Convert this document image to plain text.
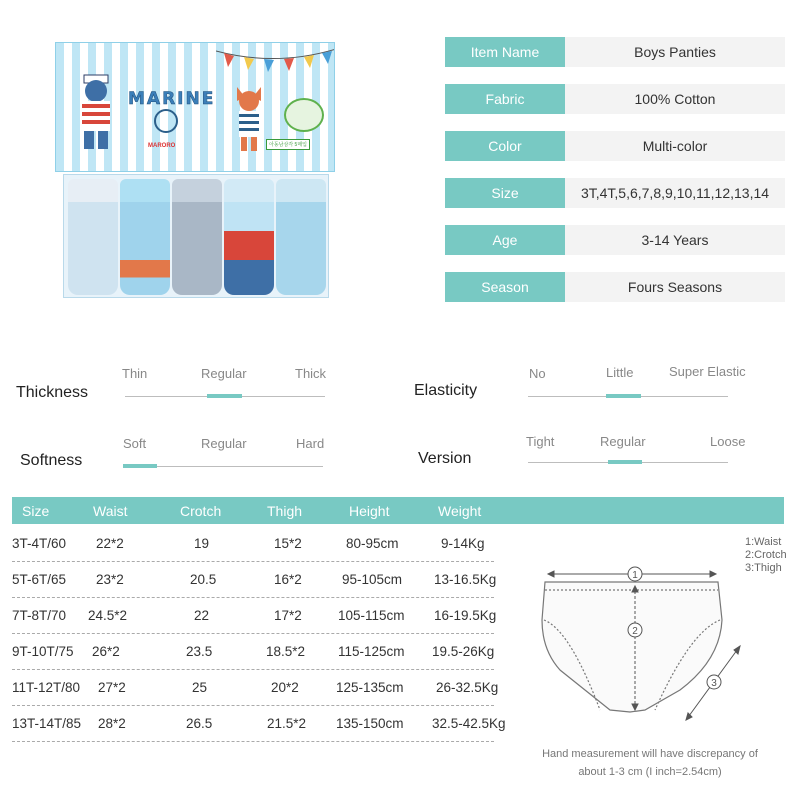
MARINE
MARORO	아동남삼각 5매입
Item Name	Boys Panties
Fabric	100% Cotton
Color	Multi-color
Size	3T,4T,5,6,7,8,9,10,11,12,13,14
Age	3-14 Years
Season	Fours Seasons
Thickness
Thin	Regular	Thick
Elasticity
No	Little	Super Elastic
Softness
Soft	Regular	Hard
Version
Tight	Regular	Loose
Size	Waist	Crotch	Thigh	Height	Weight
3T-4T/60 22*2	19	15*2	80-95cm	9-14Kg
5T-6T/65 23*2	20.5	16*2	95-105cm 13-16.5Kg
7T-8T/70 24.5*2	22	17*2	105-115cm 16-19.5Kg
9T-10T/75 26*2	23.5	18.5*2 115-125cm 19.5-26Kg
11T-12T/80 27*2	25	20*2	125-135cm 26-32.5Kg
13T-14T/85 28*2	26.5	21.5*2 135-150cm 32.5-42.5Kg
1:Waist
2:Crotch
3:Thigh
1
2
3
Hand measurement will have discrepancy of
about 1-3 cm (I inch=2.54cm)
